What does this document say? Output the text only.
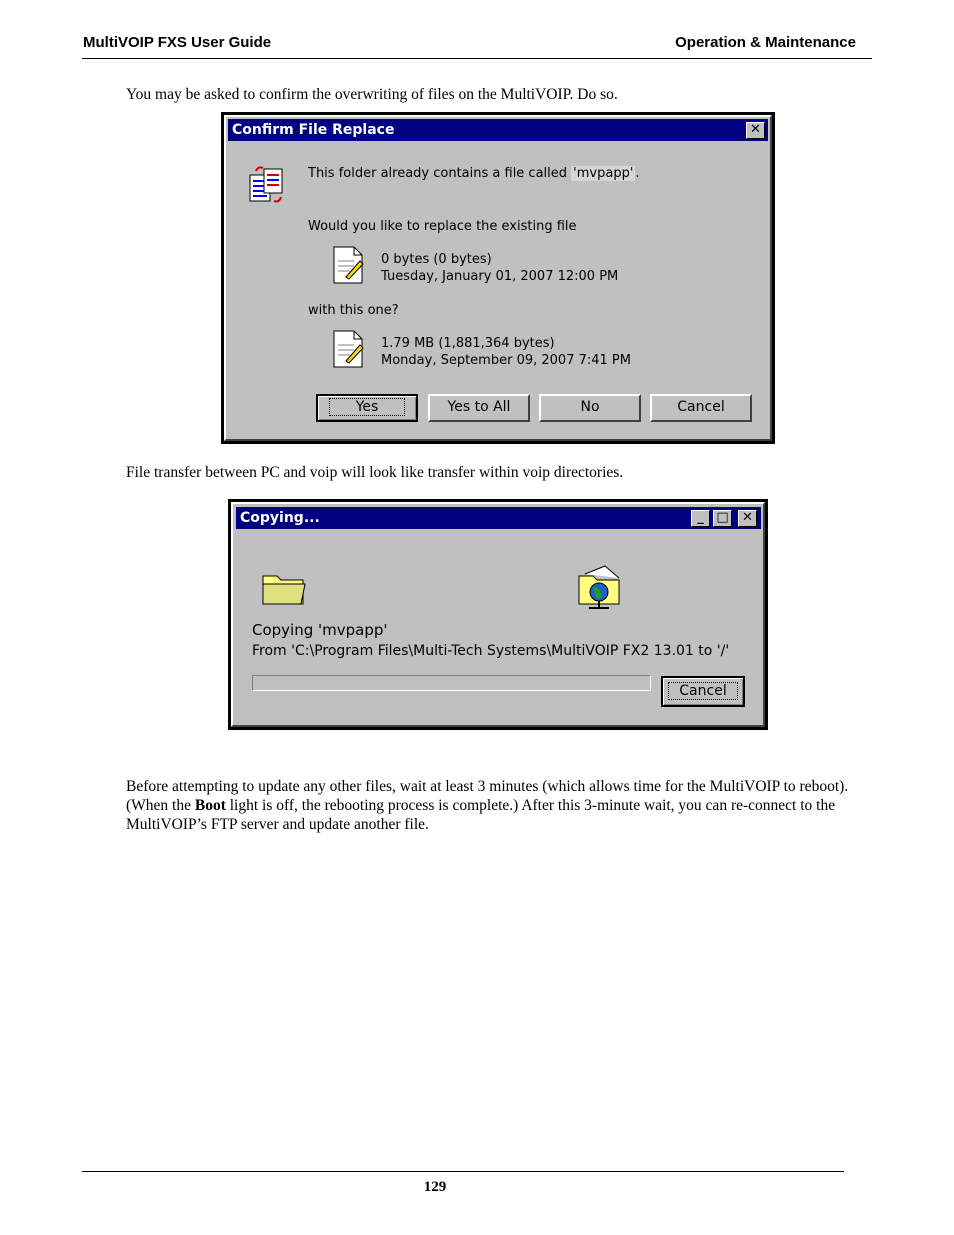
MultiVOIP FXS User Guide	Operation & Maintenance
You may be asked to confirm the overwriting of files on the MultiVOIP. Do so.
Confirm File Replace	✕
This folder already contains a file called 'mvpapp' .
Would you like to replace the existing file
0 bytes (0 bytes)
Tuesday, January 01, 2007 12:00 PM
with this one?
1.79 MB (1,881,364 bytes)
Monday, September 09, 2007 7:41 PM
Yes	Yes to All	No	Cancel
File transfer between PC and voip will look like transfer within voip directories.
Copying...	_ □	✕
Copying 'mvpapp'
From 'C:\Program Files\Multi-Tech Systems\MultiVOIP FX2 13.01 to '/'
Cancel
Before attempting to update any other files, wait at least 3 minutes (which allows time for the MultiVOIP to reboot). (When the Boot light is off, the rebooting process is complete.) After this 3-minute wait, you can re-connect to the MultiVOIP’s FTP server and update another file.
129
